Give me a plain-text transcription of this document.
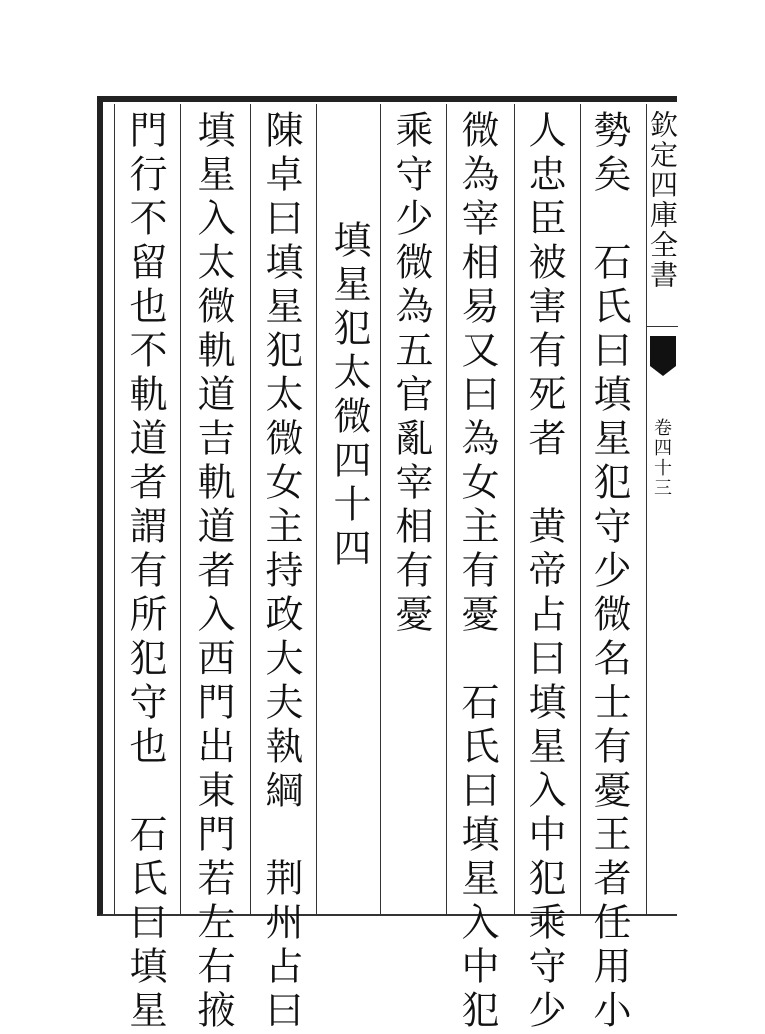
欽定四庫全書
卷四十三
勢矣　石氏曰填星犯守少微名士有憂王者任用小
人忠臣被害有死者　黄帝占曰填星入中犯乘守少
微為宰相易又曰為女主有憂　石氏曰填星入中犯
乘守少微為五官亂宰相有憂
填星犯太微四十四
陳卓曰填星犯太微女主持政大夫執綱　荆州占曰
填星入太微軌道吉軌道者入西門出東門若左右掖
門行不留也不軌道者謂有所犯守也　石氏曰填星
